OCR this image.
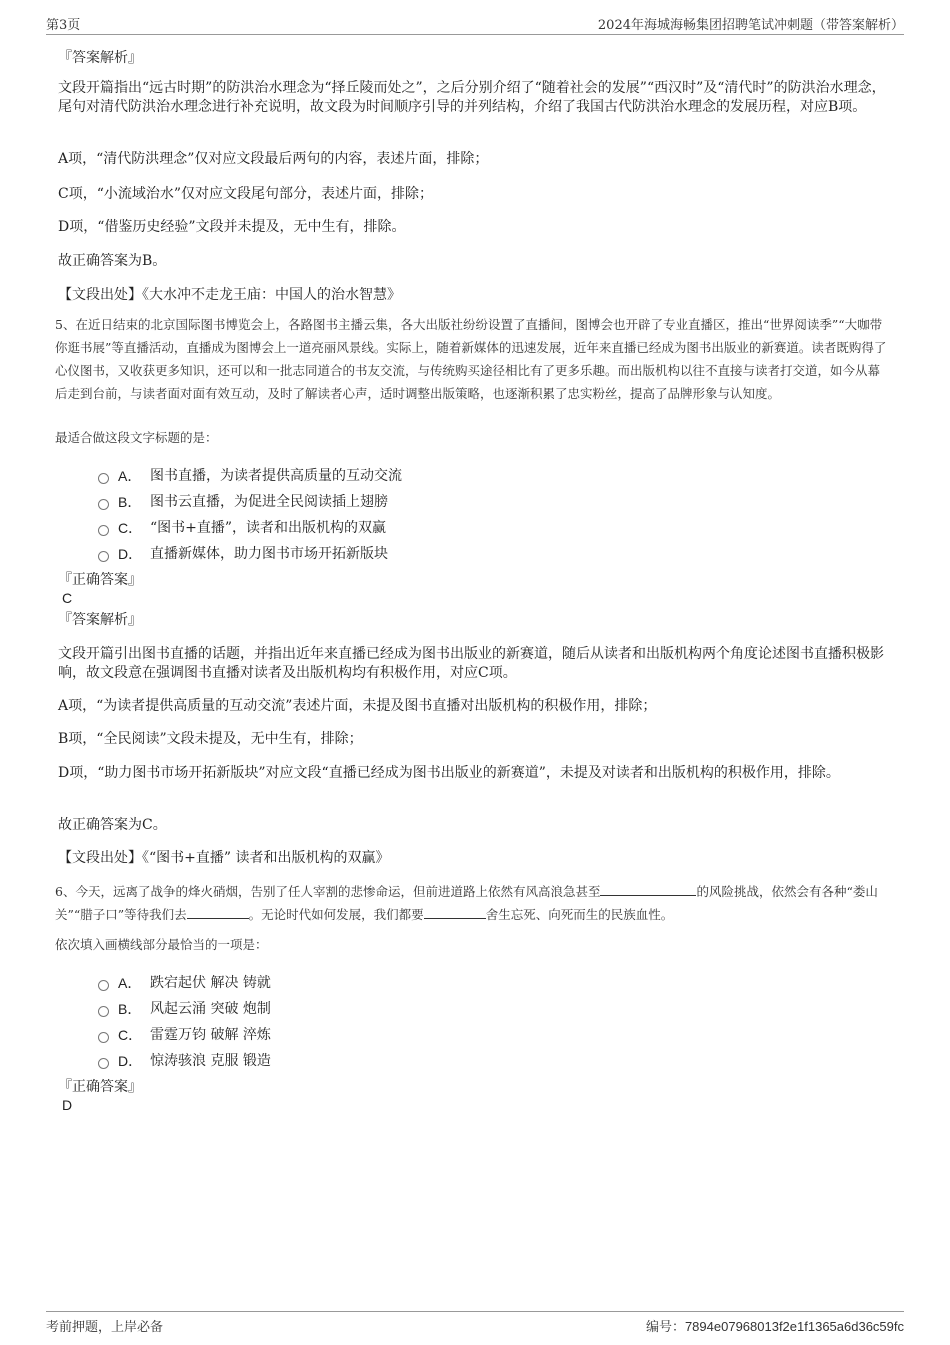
第3页	2024年海城海畅集团招聘笔试冲刺题（带答案解析）
『答案解析』
文段开篇指出“远古时期”的防洪治水理念为“择丘陵而处之”，之后分别介绍了“随着社会的发展”“西汉时”及“清代时”的防洪治水理念，尾句对清代防洪治水理念进行补充说明，故文段为时间顺序引导的并列结构，介绍了我国古代防洪治水理念的发展历程，对应B项。
A项，“清代防洪理念”仅对应文段最后两句的内容，表述片面，排除；
C项，“小流域治水”仅对应文段尾句部分，表述片面，排除；
D项，“借鉴历史经验”文段并未提及，无中生有，排除。
故正确答案为B。
【文段出处】《大水冲不走龙王庙：中国人的治水智慧》
5、在近日结束的北京国际图书博览会上，各路图书主播云集，各大出版社纷纷设置了直播间，图博会也开辟了专业直播区，推出“世界阅读季”“大咖带你逛书展”等直播活动，直播成为图博会上一道亮丽风景线。实际上，随着新媒体的迅速发展，近年来直播已经成为图书出版业的新赛道。读者既购得了心仪图书，又收获更多知识，还可以和一批志同道合的书友交流，与传统购买途径相比有了更多乐趣。而出版机构以往不直接与读者打交道，如今从幕后走到台前，与读者面对面有效互动，及时了解读者心声，适时调整出版策略，也逐渐积累了忠实粉丝，提高了品牌形象与认知度。
最适合做这段文字标题的是：
A． 图书直播，为读者提供高质量的互动交流
B． 图书云直播，为促进全民阅读插上翅膀
C． “图书+直播”，读者和出版机构的双赢
D． 直播新媒体，助力图书市场开拓新版块
『正确答案』
C
『答案解析』
文段开篇引出图书直播的话题，并指出近年来直播已经成为图书出版业的新赛道，随后从读者和出版机构两个角度论述图书直播积极影响，故文段意在强调图书直播对读者及出版机构均有积极作用，对应C项。
A项，“为读者提供高质量的互动交流”表述片面，未提及图书直播对出版机构的积极作用，排除；
B项，“全民阅读”文段未提及，无中生有，排除；
D项，“助力图书市场开拓新版块”对应文段“直播已经成为图书出版业的新赛道”，未提及对读者和出版机构的积极作用，排除。
故正确答案为C。
【文段出处】《“图书+直播” 读者和出版机构的双赢》
6、今天，远离了战争的烽火硝烟，告别了任人宰割的悲惨命运，但前进道路上依然有风高浪急甚至	的风险挑战，依然会有各种“娄山关”“腊子口”等待我们去	。无论时代如何发展，我们都要	舍生忘死、向死而生的民族血性。
依次填入画横线部分最恰当的一项是：
A． 跌宕起伏 解决 铸就
B． 风起云涌 突破 炮制
C． 雷霆万钧 破解 淬炼
D． 惊涛骇浪 克服 锻造
『正确答案』
D
考前押题，上岸必备	编号：7894e07968013f2e1f1365a6d36c59fc
